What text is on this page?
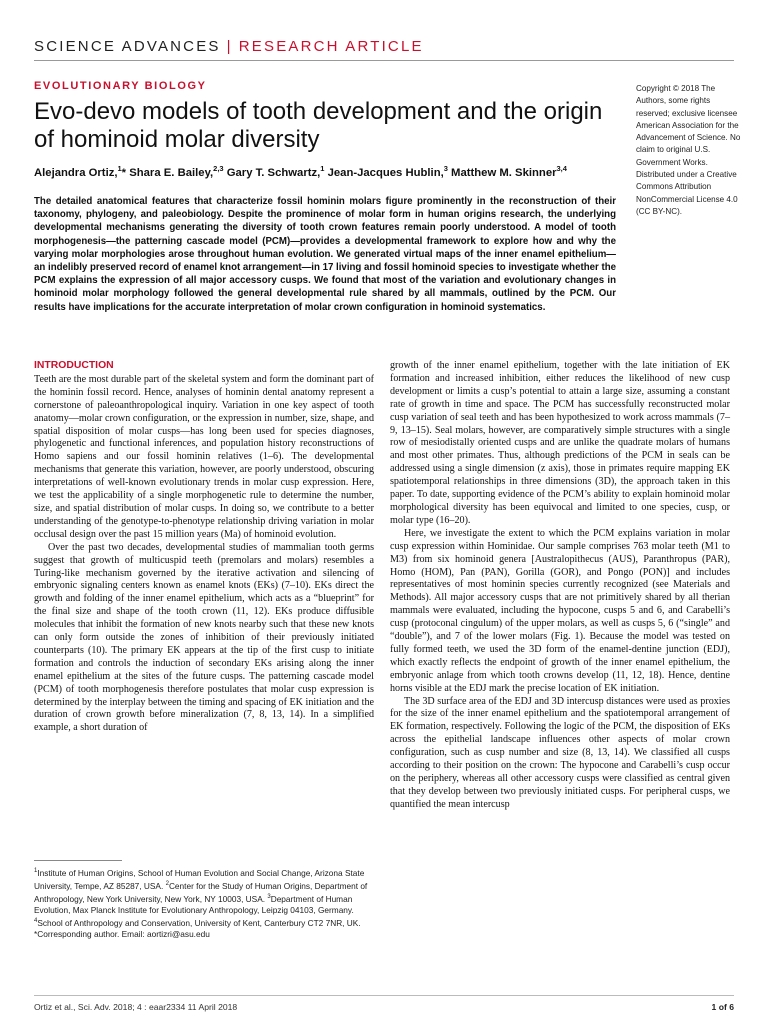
SCIENCE ADVANCES | RESEARCH ARTICLE
EVOLUTIONARY BIOLOGY
Evo-devo models of tooth development and the origin of hominoid molar diversity
Alejandra Ortiz,$^1$* Shara E. Bailey,$^{2,3}$ Gary T. Schwartz,$^1$ Jean-Jacques Hublin,$^3$ Matthew M. Skinner$^{3,4}$

The detailed anatomical features that characterize fossil hominin molars figure prominently in the reconstruction of their taxonomy, phylogeny, and paleobiology. Despite the prominence of molar form in human origins research, the underlying developmental mechanisms generating the diversity of tooth crown features remain poorly understood. A model of tooth morphogenesis—the patterning cascade model (PCM)—provides a developmental framework to explore how and why the varying molar morphologies arose throughout human evolution. We generated virtual maps of the inner enamel epithelium—an indelibly preserved record of enamel knot arrangement—in 17 living and fossil hominoid species to investigate whether the PCM explains the expression of all major accessory cusps. We found that most of the variation and evolutionary changes in hominoid molar morphology followed the general developmental rule shared by all mammals, outlined by the PCM. Our results have implications for the accurate interpretation of molar crown configuration in hominoid systematics.

Copyright © 2018 The Authors, some rights reserved; exclusive licensee American Association for the Advancement of Science. No claim to original U.S. Government Works. Distributed under a Creative Commons Attribution NonCommercial License 4.0 (CC BY-NC).
INTRODUCTION

Teeth are the most durable part of the skeletal system and form the dominant part of the hominin fossil record. Hence, analyses of hominin dental anatomy represent a cornerstone of paleoanthropological inquiry. Variation in one key aspect of tooth anatomy—molar crown configuration, or the expression in number, size, shape, and spatial disposition of molar cusps—has long been used for species diagnoses, phylogenetic and functional inferences, and population history reconstructions of Homo sapiens and our fossil hominin relatives (1–6). The developmental mechanisms that generate this variation, however, are poorly understood, obscuring interpretations of well-known evolutionary trends in molar cusp expression. Here, we test the applicability of a single morphogenetic rule to determine the number, size, and spatial distribution of molar cusps. In doing so, we contribute to a better understanding of the genotype-to-phenotype relationship driving variation in molar occlusal design over the past 15 million years (Ma) of hominoid evolution.

Over the past two decades, developmental studies of mammalian tooth germs suggest that growth of multicuspid teeth (premolars and molars) resembles a Turing-like mechanism governed by the iterative activation and silencing of embryonic signaling centers known as enamel knots (EKs) (7–10). EKs direct the growth and folding of the inner enamel epithelium, which acts as a “blueprint” for the final size and shape of the tooth crown (11, 12). EKs produce diffusible molecules that inhibit the formation of new knots nearby such that these new knots can only form outside the zones of inhibition of their previously initiated counterparts (10). The primary EK appears at the tip of the first cusp to initiate formation and controls the induction of secondary EKs arising along the inner enamel epithelium at the sites of the future cusps. The patterning cascade model (PCM) of tooth morphogenesis therefore postulates that molar cusp expression is determined by the interplay between the timing and spacing of EK initiation and the duration of crown growth before mineralization (7, 8, 13, 14). In a simplified example, a short duration of

growth of the inner enamel epithelium, together with the late initiation of EK formation and increased inhibition, either reduces the likelihood of new cusp development or limits a cusp’s potential to attain a large size, assuming a constant rate of growth in time and space. The PCM has successfully reconstructed molar cusp variation of seal teeth and has been hypothesized to work across mammals (7–9, 13–15). Seal molars, however, are comparatively simple structures with a single row of mesiodistally oriented cusps and are unlike the quadrate molars of humans and most other primates. Thus, although predictions of the PCM in seals can be addressed using a single dimension (z axis), those in primates require mapping EK spatiotemporal relationships in three dimensions (3D), the approach taken in this paper. To date, supporting evidence of the PCM’s ability to explain hominoid molar morphological diversity has been equivocal and limited to one species, cusp, or molar type (16–20).

Here, we investigate the extent to which the PCM explains variation in molar cusp expression within Hominidae. Our sample comprises 763 molar teeth (M1 to M3) from six hominoid genera [Australopithecus (AUS), Paranthropus (PAR), Homo (HOM), Pan (PAN), Gorilla (GOR), and Pongo (PON)] and includes representatives of most hominin species currently recognized (see Materials and Methods). All major accessory cusps that are not primitively shared by all therian mammals were evaluated, including the hypocone, cusps 5 and 6, and Carabelli’s cusp (protoconal cingulum) of the upper molars, as well as cusps 5, 6 (“single” and “double”), and 7 of the lower molars (Fig. 1). Because the model was tested on fully formed teeth, we used the 3D form of the enamel-dentine junction (EDJ), which exactly reflects the endpoint of growth of the inner enamel epithelium, the embryonic anlage from which tooth crowns develop (11, 12, 18). Hence, dentine horns visible at the EDJ mark the precise location of EK initiation.

The 3D surface area of the EDJ and 3D intercusp distances were used as proxies for the size of the inner enamel epithelium and the spatiotemporal arrangement of EK formation, respectively. Following the logic of the PCM, the disposition of EKs across the epithelial landscape influences other aspects of molar crown configuration, such as cusp number and size (8, 13, 14). We classified all cusps according to their position on the crown: The hypocone and Carabelli’s cusp occur on the periphery, whereas all other accessory cusps were classified as central given that they develop between two previously initiated cusps. For peripheral cusps, we quantified the mean intercusp

$^1$Institute of Human Origins, School of Human Evolution and Social Change, Arizona State University, Tempe, AZ 85287, USA. $^2$Center for the Study of Human Origins, Department of Anthropology, New York University, New York, NY 10003, USA. $^3$Department of Human Evolution, Max Planck Institute for Evolutionary Anthropology, Leipzig 04103, Germany. $^4$School of Anthropology and Conservation, University of Kent, Canterbury CT2 7NR, UK.

*Corresponding author. Email: aortizri@asu.edu

Ortiz et al., Sci. Adv. 2018; 4 : eaar2334 11 April 2018	1 of 6
